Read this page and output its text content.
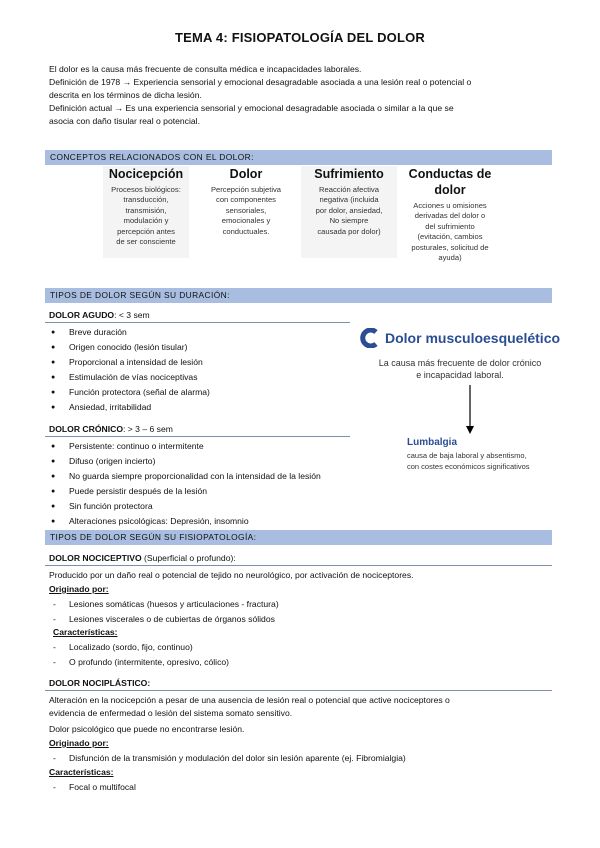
TEMA 4: FISIOPATOLOGÍA DEL DOLOR
El dolor es la causa más frecuente de consulta médica e incapacidades laborales.
Definición de 1978 → Experiencia sensorial y emocional desagradable asociada a una lesión real o potencial o
descrita en los términos de dicha lesión.
Definición actual → Es una experiencia sensorial y emocional desagradable asociada o similar a la que se
asocia con daño tisular real o potencial.
CONCEPTOS RELACIONADOS CON EL DOLOR:
Nocicepción
Procesos biológicos:
transducción,
transmisión,
modulación y
percepción antes
de ser consciente
Dolor
Percepción subjetiva
con componentes
sensoriales,
emocionales y
conductuales.
Sufrimiento
Reacción afectiva
negativa (incluida
por dolor, ansiedad,
No siempre
causada por dolor)
Conductas de
dolor
Acciones u omisiones
derivadas del dolor o
del sufrimiento
(evitación, cambios
posturales, solicitud de
ayuda)
TIPOS DE DOLOR SEGÚN SU DURACIÓN:
DOLOR AGUDO: < 3 sem
● Breve duración
● Origen conocido (lesión tisular)
● Proporcional a intensidad de lesión
● Estimulación de vías nociceptivas
● Función protectora (señal de alarma)
● Ansiedad, irritabilidad
DOLOR CRÓNICO: > 3 – 6 sem
● Persistente: continuo o intermitente
● Difuso (origen incierto)
● No guarda siempre proporcionalidad con la intensidad de la lesión
● Puede persistir después de la lesión
● Sin función protectora
● Alteraciones psicológicas: Depresión, insomnio
Dolor musculoesquelético
La causa más frecuente de dolor crónico
e incapacidad laboral.
Lumbalgia
causa de baja laboral y absentismo,
con costes económicos significativos
TIPOS DE DOLOR SEGÚN SU FISIOPATOLOGÍA:
DOLOR NOCICEPTIVO (Superficial o profundo):
Producido por un daño real o potencial de tejido no neurológico, por activación de nociceptores.
Originado por:
- Lesiones somáticas (huesos y articulaciones - fractura)
- Lesiones viscerales o de cubiertas de órganos sólidos
Características:
- Localizado (sordo, fijo, continuo)
- O profundo (intermitente, opresivo, cólico)
DOLOR NOCIPLÁSTICO:
Alteración en la nocicepción a pesar de una ausencia de lesión real o potencial que active nociceptores o
evidencia de enfermedad o lesión del sistema somato sensitivo.
Dolor psicológico que puede no encontrarse lesión.
Originado por:
- Disfunción de la transmisión y modulación del dolor sin lesión aparente (ej. Fibromialgia)
Características:
- Focal o multifocal
